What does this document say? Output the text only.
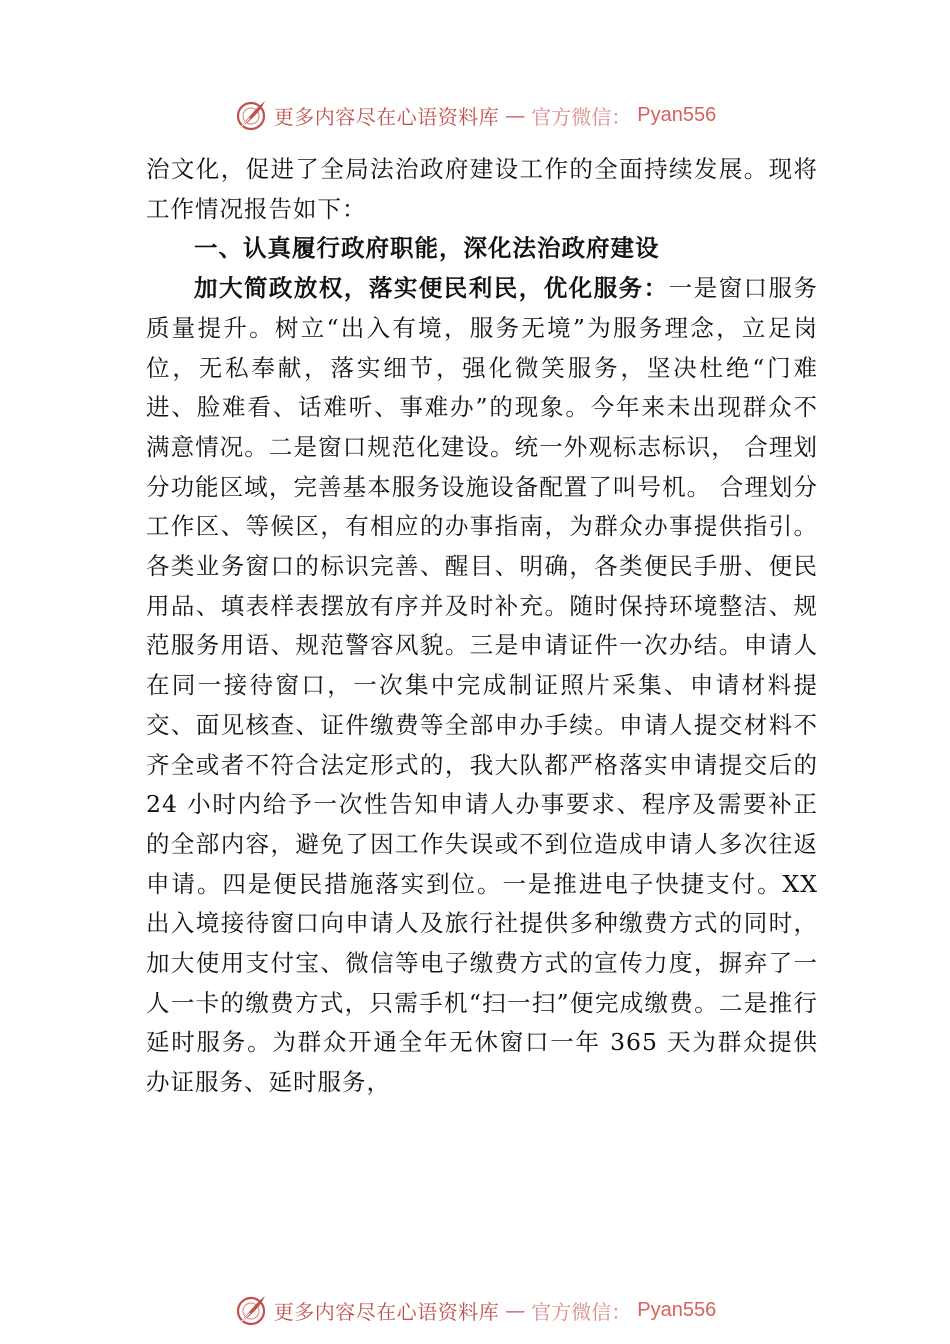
更多内容尽在心语资料库 — 官方微信： Pyan556

治文化，促进了全局法治政府建设工作的全面持续发展。现将工作情况报告如下：

一、认真履行政府职能，深化法治政府建设

加大简政放权，落实便民利民，优化服务：一是窗口服务质量提升。树立“出入有境，服务无境”为服务理念，立足岗位，无私奉献，落实细节，强化微笑服务，坚决杜绝“门难进、脸难看、话难听、事难办”的现象。今年来未出现群众不满意情况。二是窗口规范化建设。统一外观标志标识， 合理划分功能区域，完善基本服务设施设备配置了叫号机。 合理划分工作区、等候区，有相应的办事指南，为群众办事提供指引。各类业务窗口的标识完善、醒目、明确，各类便民手册、便民用品、填表样表摆放有序并及时补充。随时保持环境整洁、规范服务用语、规范警容风貌。三是申请证件一次办结。申请人在同一接待窗口，一次集中完成制证照片采集、申请材料提交、面见核查、证件缴费等全部申办手续。申请人提交材料不齐全或者不符合法定形式的，我大队都严格落实申请提交后的 24 小时内给予一次性告知申请人办事要求、程序及需要补正的全部内容，避免了因工作失误或不到位造成申请人多次往返申请。四是便民措施落实到位。一是推进电子快捷支付。XX 出入境接待窗口向申请人及旅行社提供多种缴费方式的同时，加大使用支付宝、微信等电子缴费方式的宣传力度，摒弃了一人一卡的缴费方式，只需手机“扫一扫”便完成缴费。二是推行延时服务。为群众开通全年无休窗口一年 365 天为群众提供办证服务、延时服务，

更多内容尽在心语资料库 — 官方微信： Pyan556
